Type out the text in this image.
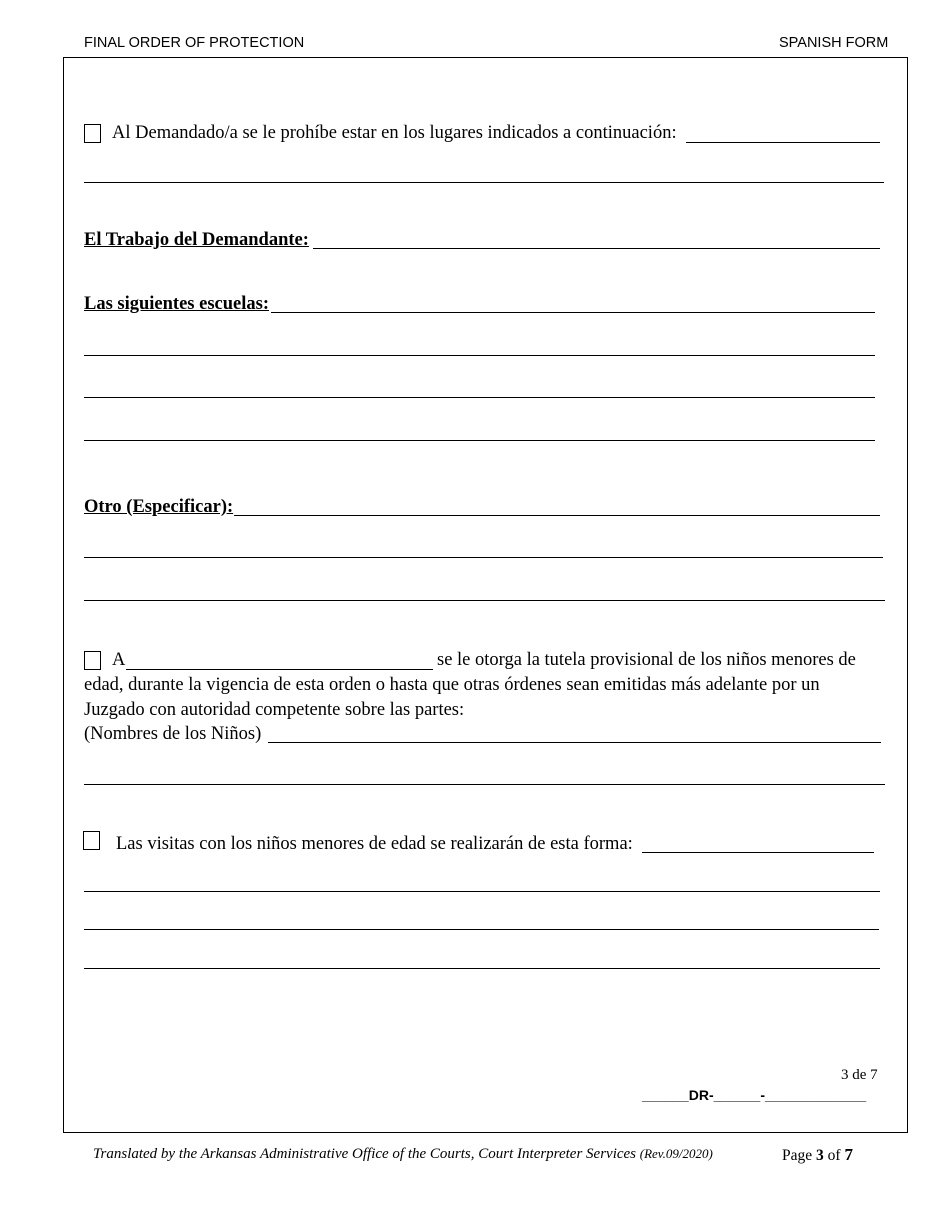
FINAL ORDER OF PROTECTION	SPANISH FORM
Al Demandado/a se le prohíbe estar en los lugares indicados a continuación:
El Trabajo del Demandante:
Las siguientes escuelas:
Otro (Especificar):
A	se le otorga la tutela provisional de los niños menores de
edad, durante la vigencia de esta orden o hasta que otras órdenes sean emitidas más adelante por un
Juzgado con autoridad competente sobre las partes:
(Nombres de los Niños)
Las visitas con los niños menores de edad se realizarán de esta forma:
3 de 7
______DR-______-_____________
Translated by the Arkansas Administrative Office of the Courts, Court Interpreter Services (Rev.09/2020)	Page 3 of 7
